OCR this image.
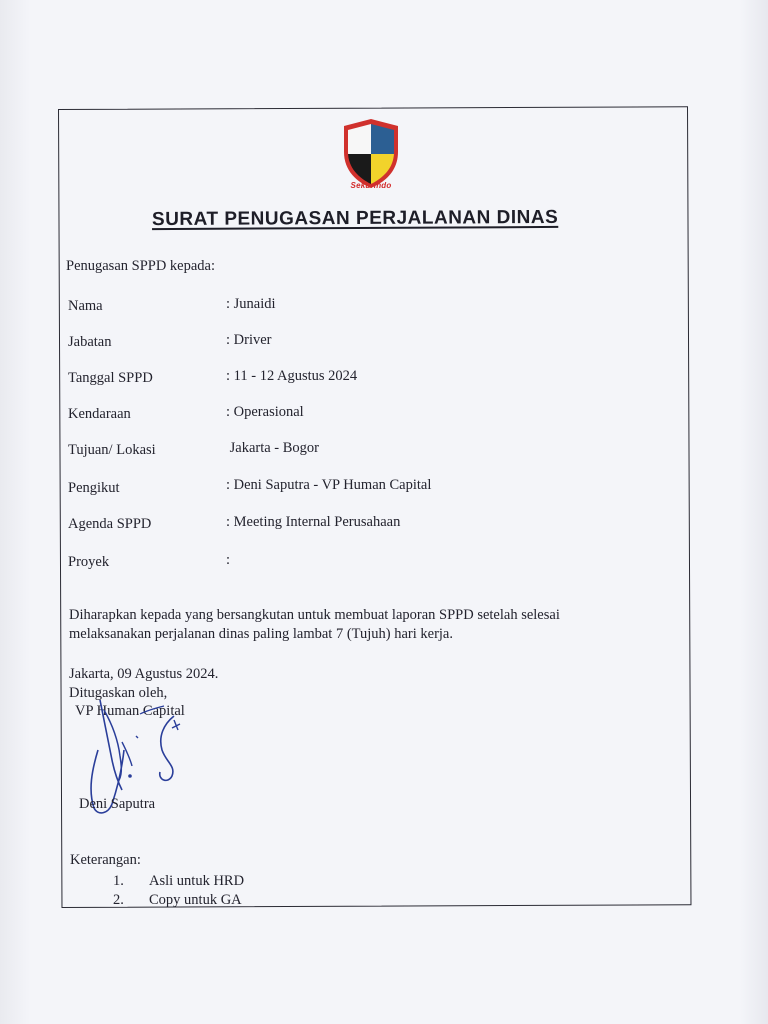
Sekurindo
SURAT PENUGASAN PERJALANAN DINAS
Penugasan SPPD kepada:
Nama	: Junaidi
Jabatan	: Driver
Tanggal SPPD	: 11 - 12 Agustus 2024
Kendaraan	: Operasional
Tujuan/ Lokasi	Jakarta - Bogor
Pengikut	: Deni Saputra - VP Human Capital
Agenda SPPD	: Meeting Internal Perusahaan
Proyek	:
Diharapkan kepada yang bersangkutan untuk membuat laporan SPPD setelah selesai
melaksanakan perjalanan dinas paling lambat 7 (Tujuh) hari kerja.
Jakarta, 09 Agustus 2024.
Ditugaskan oleh,
VP Human Capital
Deni Saputra
Keterangan:
1. Asli untuk HRD
2. Copy untuk GA
